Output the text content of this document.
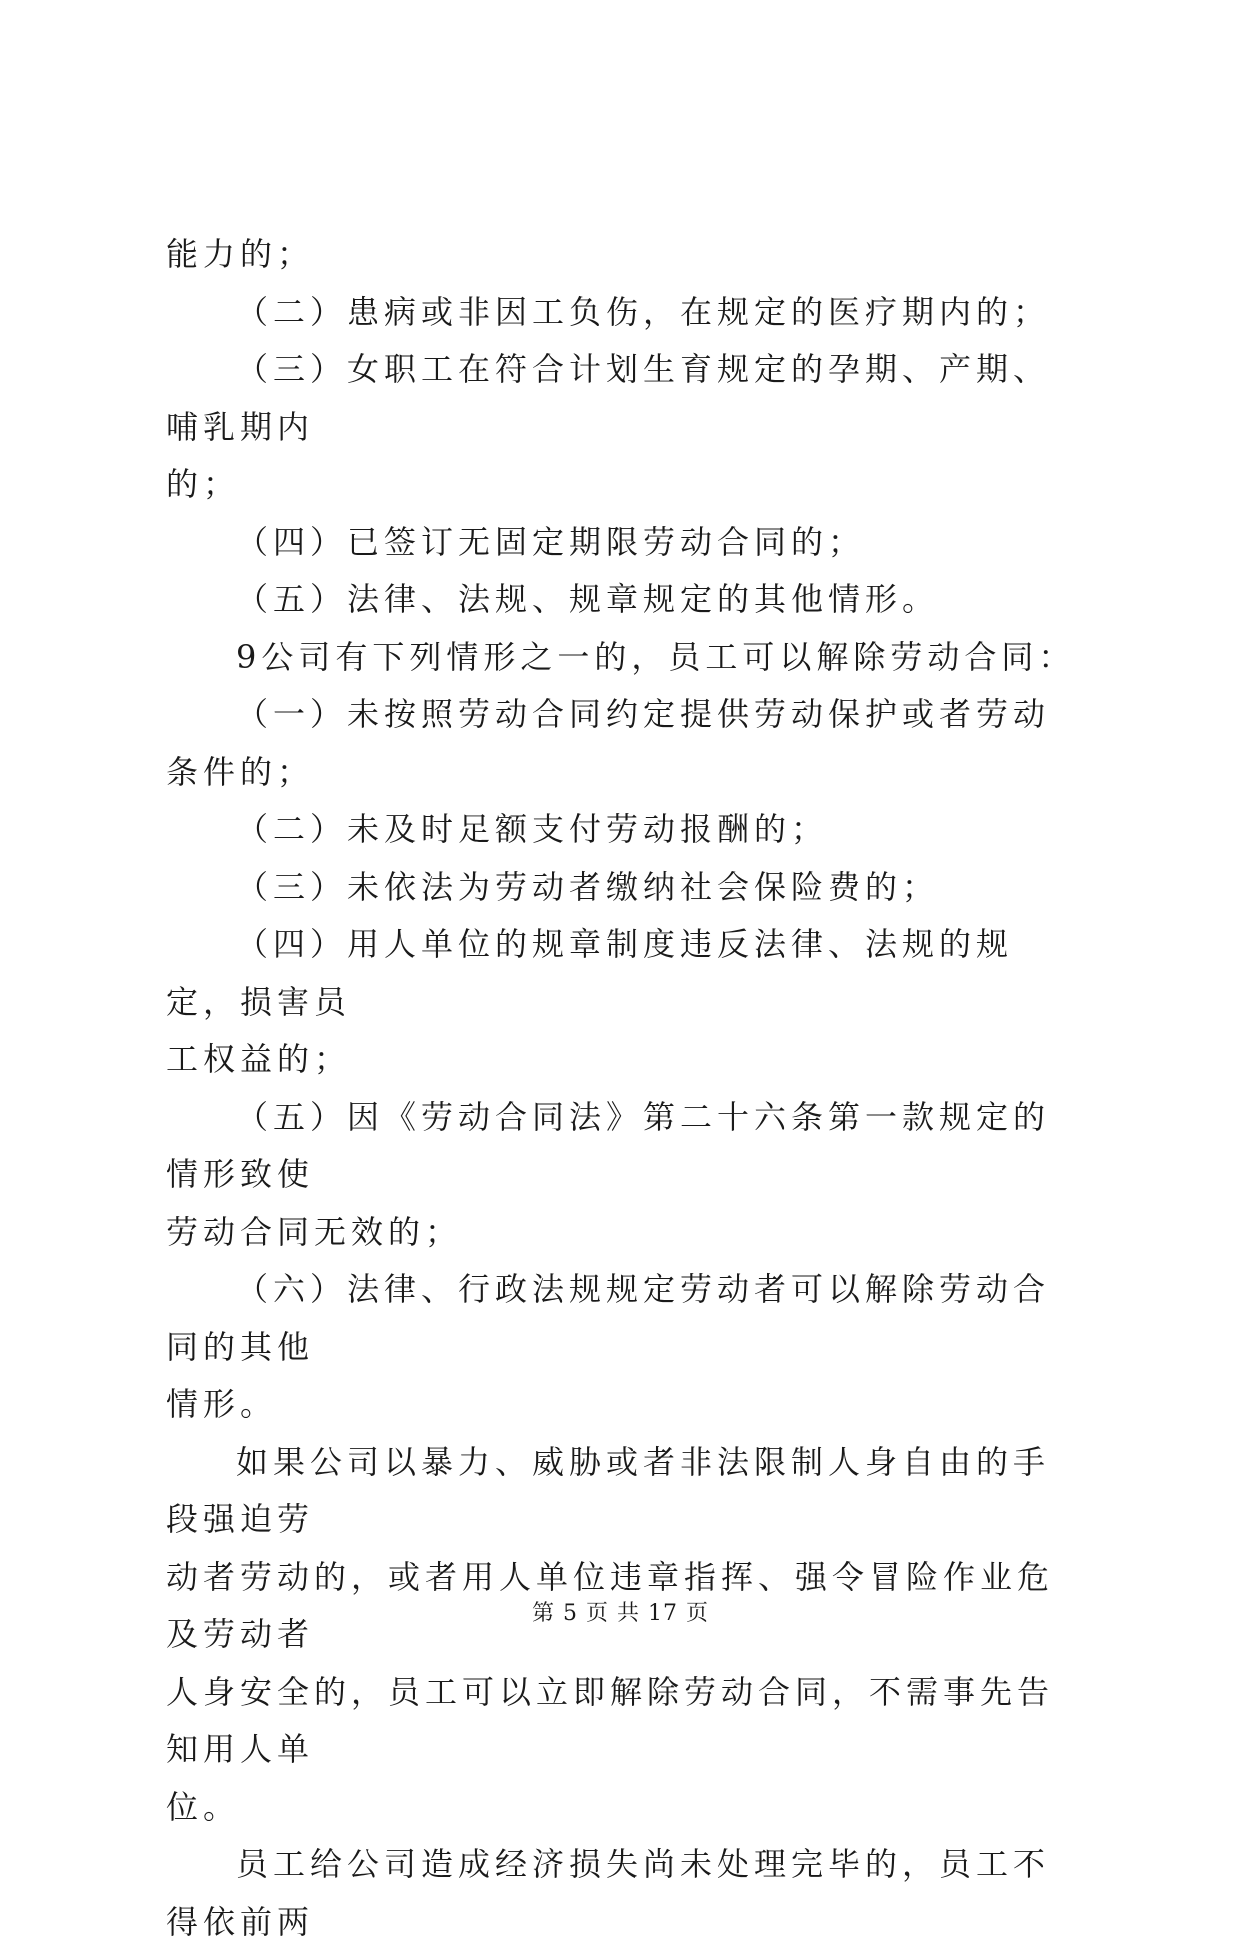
能力的；

（二）患病或非因工负伤，在规定的医疗期内的；

（三）女职工在符合计划生育规定的孕期、产期、哺乳期内

的；

（四）已签订无固定期限劳动合同的；

（五）法律、法规、规章规定的其他情形。

9公司有下列情形之一的，员工可以解除劳动合同：

（一）未按照劳动合同约定提供劳动保护或者劳动条件的；

（二）未及时足额支付劳动报酬的；

（三）未依法为劳动者缴纳社会保险费的；

（四）用人单位的规章制度违反法律、法规的规定，损害员

工权益的；

（五）因《劳动合同法》第二十六条第一款规定的情形致使

劳动合同无效的；

（六）法律、行政法规规定劳动者可以解除劳动合同的其他

情形。

如果公司以暴力、威胁或者非法限制人身自由的手段强迫劳

动者劳动的，或者用人单位违章指挥、强令冒险作业危及劳动者

人身安全的，员工可以立即解除劳动合同，不需事先告知用人单

位。

员工给公司造成经济损失尚未处理完毕的，员工不得依前两

第 5 页 共 17 页
